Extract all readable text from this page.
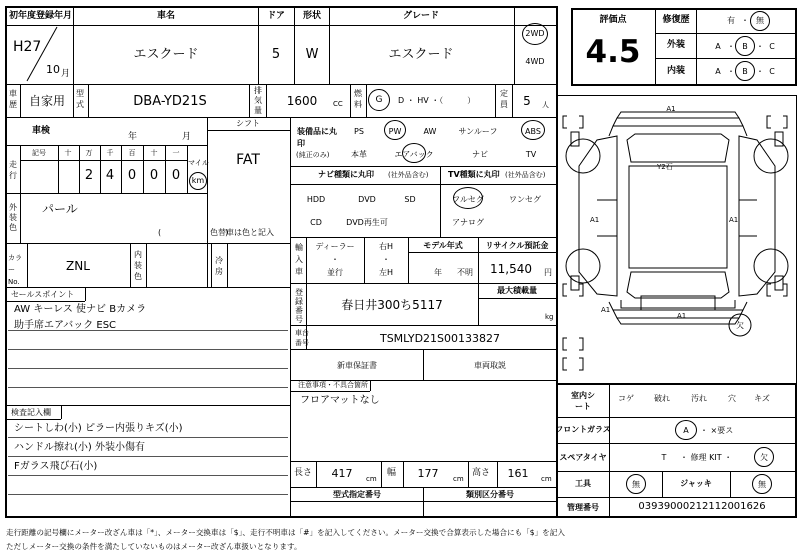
初年度登録年月	車名	ドア 形状	グレード
H27
10 月
エスクード	5 W	エスクード
2WD
4WD
車歴 自家用
型式	DBA-YD21S
排気量
1600 CC
燃料 G D ・ HV ・（　　　）
定員 5 人
車検
年	月
シフト
FAT
走行
記号	十 万 千 百 十 一
2 4 0 0 0
マイル
km
外装色
パール
(　　　　　　　　)
色替車は色と記入
カラーNo.
ZNL
内装色
冷房
セールスポイント
AW キーレス 使ナビ Bカメラ
助手席エアバック ESC
検査記入欄
シートしわ(小) ピラー内張りキズ(小)
ハンドル擦れ(小) 外装小傷有
Fガラス飛び石(小)
装備品に丸印
(純正のみ)
PS	PW	AW	サンルーフ	ABS
本革	エアバック	ナビ	TV
ナビ種類に丸印 (社外品含む) TV種類に丸印 (社外品含む)
HDD	DVD	SD
CD	DVD再生可
フルセグ	ワンセグ
アナログ
輸入車
ディーラー
・
並行
右H
・
左H
モデル年式
年 不明
リサイクル預託金
11,540 円
登録番号
春日井300ち5117
最大積載量
kg
車台番号	TSMLYD21S00133827
新車保証書	車両取説
注意事項・不具合箇所
フロアマットなし
長さ 417 cm
幅 177 cm
高さ 161 cm
型式指定番号	類別区分番号
評価点
4.5
修復歴	有 ・ 無
外装	A ・ B ・ C
内装	A ・ B ・ C
A1
Y2石
A1
A1
A1
A1
欠
室内シート
コゲ	破れ	汚れ	穴 キズ
フロントガラス	A ・ ×要ス
スペアタイヤ	T ・ 修理 KIT ・	欠
工具	無	ジャッキ	無
管理番号	0393900021211200162​6
走行距離の記号欄にメーター改ざん車は「*」、メーター交換車は「$」、走行不明車は「#」を記入してください。メーター交換で合算表示した場合にも「$」を記入
ただしメーター交換の条件を満たしていないものはメーター改ざん車扱いとなります。
